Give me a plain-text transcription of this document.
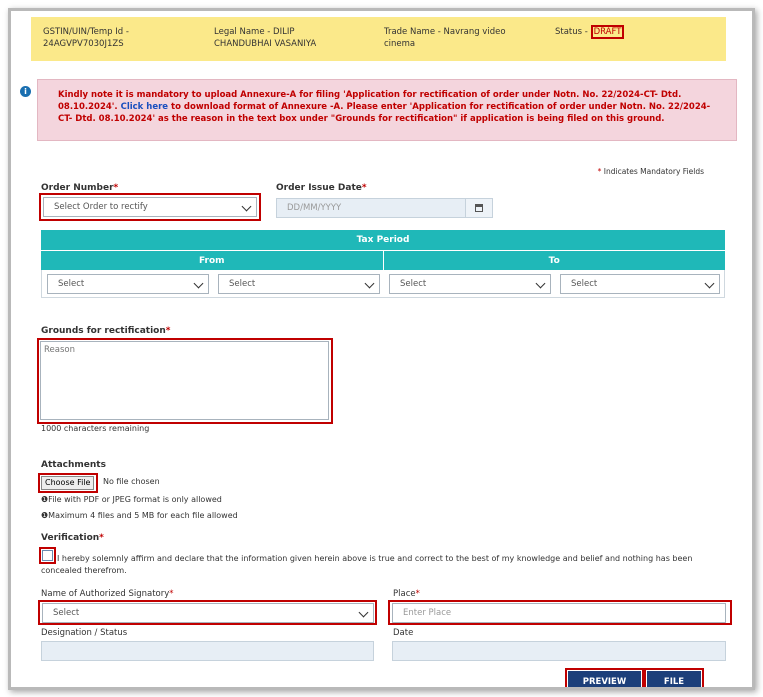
GSTIN/UIN/Temp Id -
24AGVPV7030J1ZS
Legal Name - DILIP
CHANDUBHAI VASANIYA
Trade Name - Navrang video
cinema
Status - DRAFT
i	Kindly note it is mandatory to upload Annexure-A for filing 'Application for rectification of order under Notn. No. 22/2024-CT- Dtd. 08.10.2024'. Click here to download format of Annexure -A. Please enter 'Application for rectification of order under Notn. No. 22/2024-CT- Dtd. 08.10.2024' as the reason in the text box under "Grounds for rectification" if application is being filed on this ground.
* Indicates Mandatory Fields
Order Number*
Select Order to rectify
Order Issue Date*
DD/MM/YYYY
Tax Period
From	To
Select	Select	Select	Select
Grounds for rectification*
Reason
1000 characters remaining
Attachments
Choose File	No file chosen
❶File with PDF or JPEG format is only allowed
❶Maximum 4 files and 5 MB for each file allowed
Verification*
I hereby solemnly affirm and declare that the information given herein above is true and correct to the best of my knowledge and belief and nothing has been concealed therefrom.
Name of Authorized Signatory*
Select
Place*
Enter Place
Designation / Status	Date
PREVIEW	FILE
